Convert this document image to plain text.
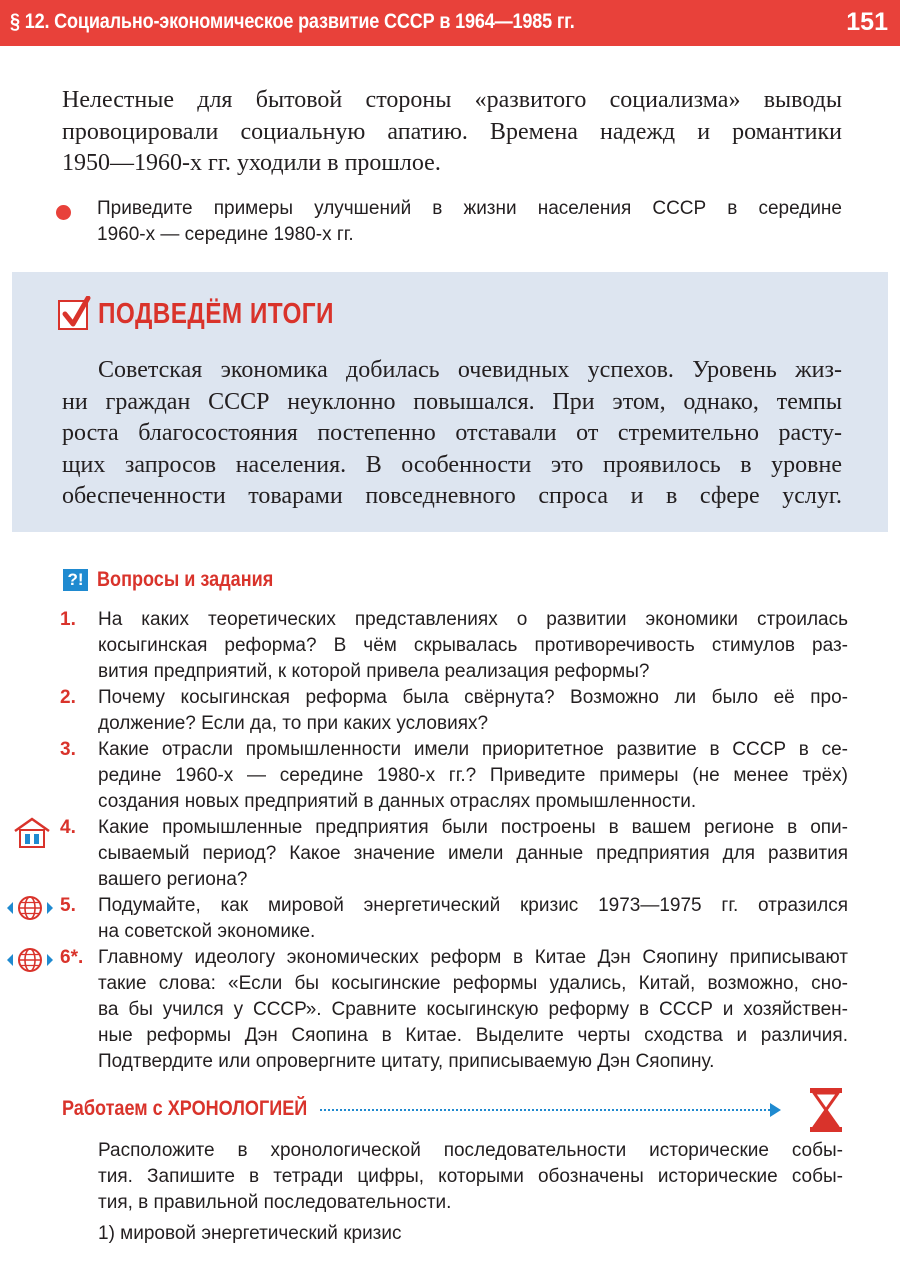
§ 12. Социально-экономическое развитие СССР в 1964—1985 гг.	151
Нелестные для бытовой стороны «развитого социализма» выводы
провоцировали социальную апатию. Времена надежд и романтики
1950—1960-х гг. уходили в прошлое.
Приведите примеры улучшений в жизни населения СССР в середине
1960-х — середине 1980-х гг.
ПОДВЕДЁМ ИТОГИ
Советская экономика добилась очевидных успехов. Уровень жиз-
ни граждан СССР неуклонно повышался. При этом, однако, темпы
роста благосостояния постепенно отставали от стремительно расту-
щих запросов населения. В особенности это проявилось в уровне
обеспеченности товарами повседневного спроса и в сфере услуг.
?! Вопросы и задания
1.	На каких теоретических представлениях о развитии экономики строилась
косыгинская реформа? В чём скрывалась противоречивость стимулов раз-
вития предприятий, к которой привела реализация реформы?
2.	Почему косыгинская реформа была свёрнута? Возможно ли было её про-
должение? Если да, то при каких условиях?
3.	Какие отрасли промышленности имели приоритетное развитие в СССР в се-
редине 1960-х — середине 1980-х гг.? Приведите примеры (не менее трёх)
создания новых предприятий в данных отраслях промышленности.
4.	Какие промышленные предприятия были построены в вашем регионе в опи-
сываемый период? Какое значение имели данные предприятия для развития
вашего региона?
5.	Подумайте, как мировой энергетический кризис 1973—1975 гг. отразился
на советской экономике.
6*. Главному идеологу экономических реформ в Китае Дэн Сяопину приписывают
такие слова: «Если бы косыгинские реформы удались, Китай, возможно, сно-
ва бы учился у СССР». Сравните косыгинскую реформу в СССР и хозяйствен-
ные реформы Дэн Сяопина в Китае. Выделите черты сходства и различия.
Подтвердите или опровергните цитату, приписываемую Дэн Сяопину.
Работаем с ХРОНОЛОГИЕЙ
Расположите в хронологической последовательности исторические собы-
тия. Запишите в тетради цифры, которыми обозначены исторические собы-
тия, в правильной последовательности.
1) мировой энергетический кризис
